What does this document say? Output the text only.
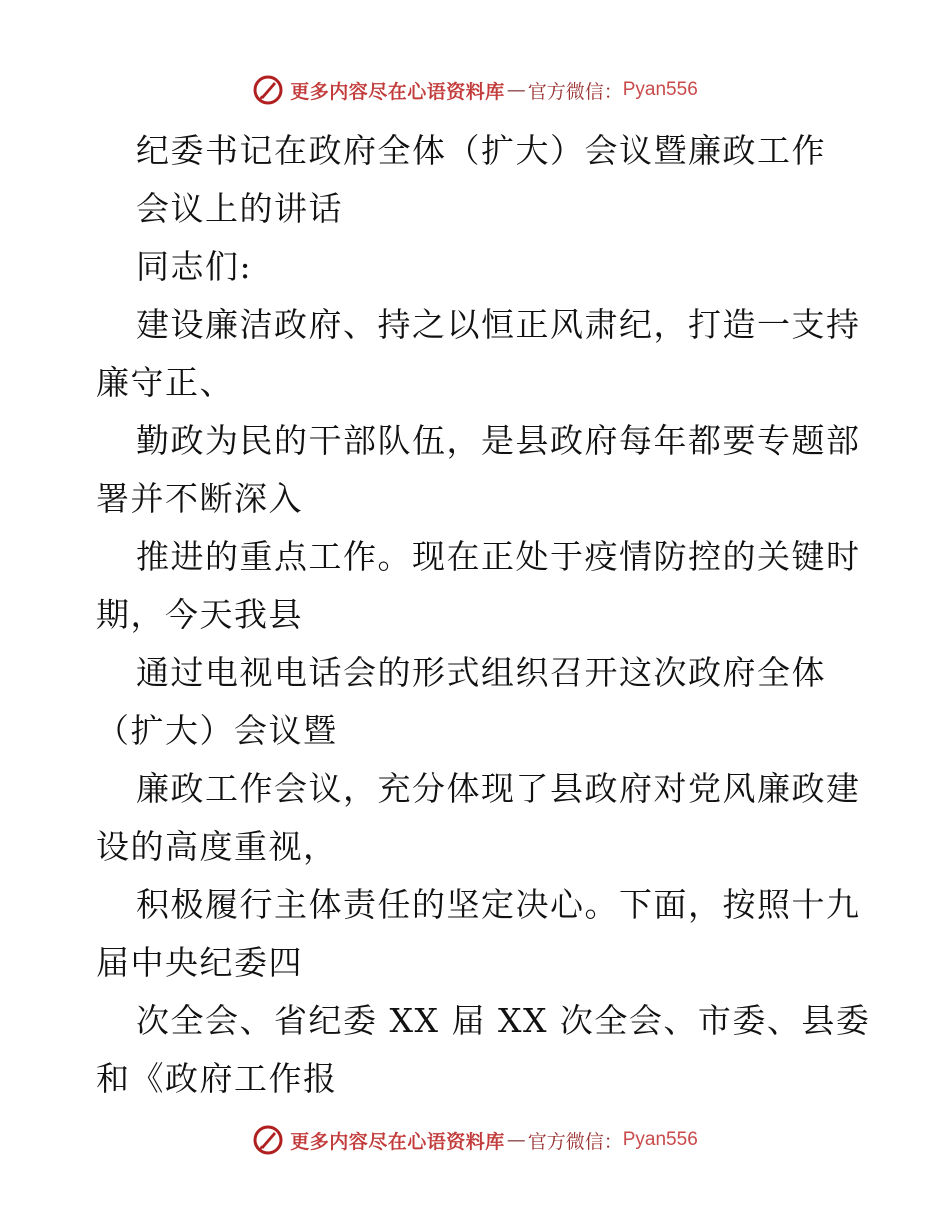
更多内容尽在心语资料库 — 官方微信： Pyan556
纪委书记在政府全体（扩大）会议暨廉政工作
会议上的讲话
同志们:
建设廉洁政府、持之以恒正风肃纪，打造一支持
廉守正、
勤政为民的干部队伍，是县政府每年都要专题部
署并不断深入
推进的重点工作。现在正处于疫情防控的关键时
期，今天我县
通过电视电话会的形式组织召开这次政府全体
（扩大）会议暨
廉政工作会议，充分体现了县政府对党风廉政建
设的高度重视，
积极履行主体责任的坚定决心。下面，按照十九
届中央纪委四
次全会、省纪委 XX 届 XX 次全会、市委、县委
和《政府工作报
更多内容尽在心语资料库 — 官方微信： Pyan556
